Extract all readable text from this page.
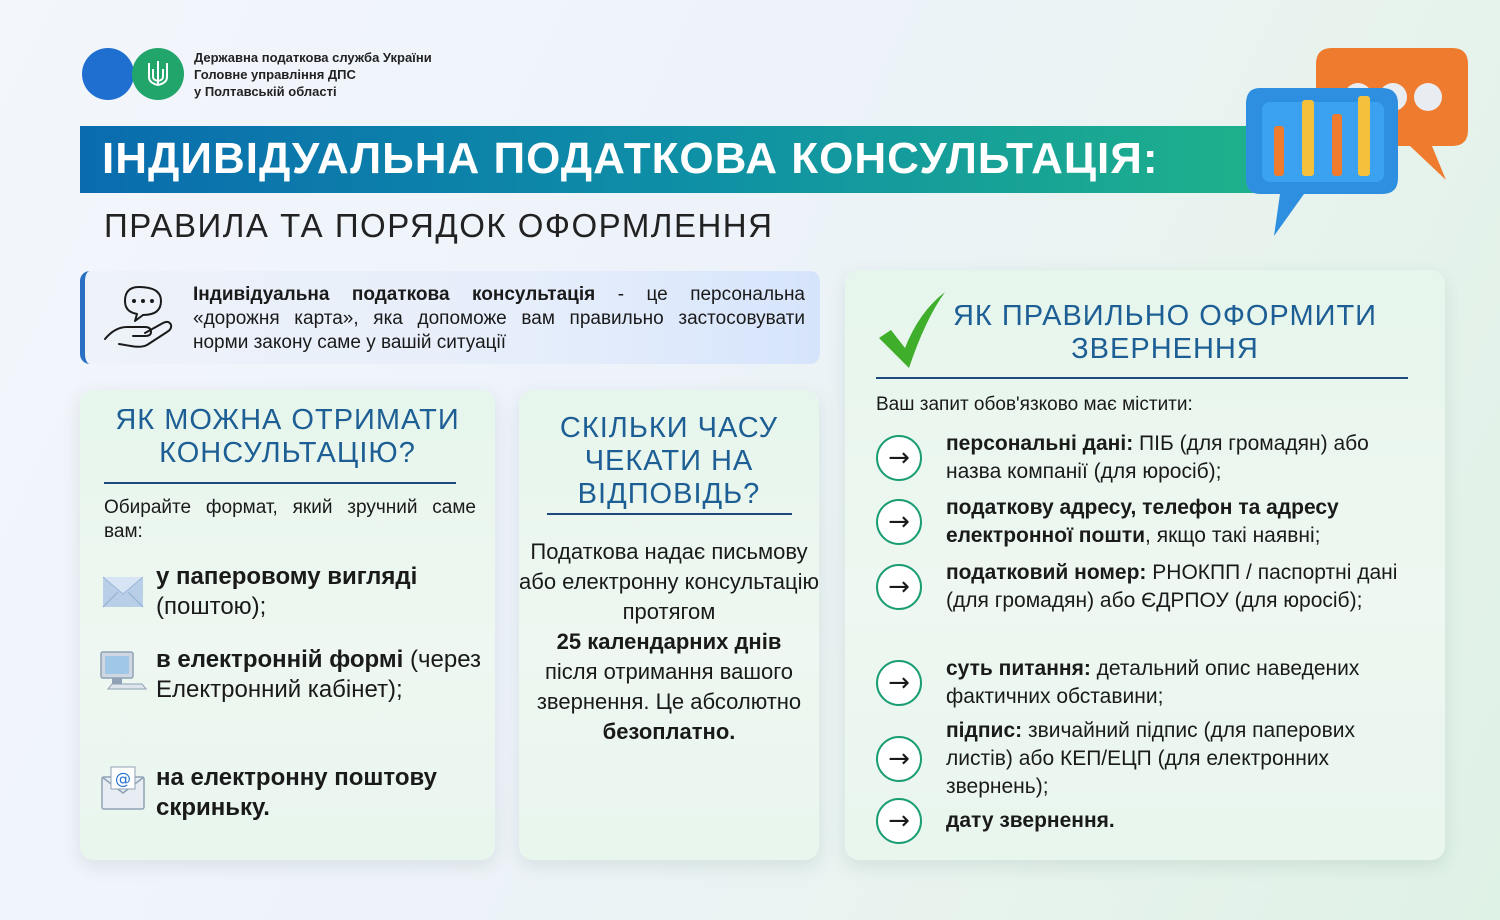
Державна податкова служба України
Головне управління ДПС
у Полтавській області
ІНДИВІДУАЛЬНА ПОДАТКОВА КОНСУЛЬТАЦІЯ:
ПРАВИЛА ТА ПОРЯДОК ОФОРМЛЕННЯ

Індивідуальна податкова консультація - це персональна «дорожня карта», яка допоможе вам правильно застосовувати норми закону саме у вашій ситуації

ЯК МОЖНА ОТРИМАТИ КОНСУЛЬТАЦІЮ?
Обирайте формат, який зручний саме вам:
у паперовому вигляді (поштою);
в електронній формі (через Електронний кабінет);
@ на електронну поштову скриньку.
СКІЛЬКИ ЧАСУ ЧЕКАТИ НА ВІДПОВІДЬ?
Податкова надає письмову або електронну консультацію протягом
25 календарних днів
після отримання вашого звернення. Це абсолютно
безоплатно.
ЯК ПРАВИЛЬНО ОФОРМИТИ ЗВЕРНЕННЯ
Ваш запит обов'язково має містити:
→ персональні дані: ПІБ (для громадян) або назва компанії (для юросіб);
→ податкову адресу, телефон та адресу електронної пошти, якщо такі наявні;
→ податковий номер: РНОКПП / паспортні дані (для громадян) або ЄДРПОУ (для юросіб);
→ суть питання: детальний опис наведених фактичних обставини;
→
підпис: звичайний підпис (для паперових листів) або КЕП/ЕЦП (для електронних звернень);
→ дату звернення.
